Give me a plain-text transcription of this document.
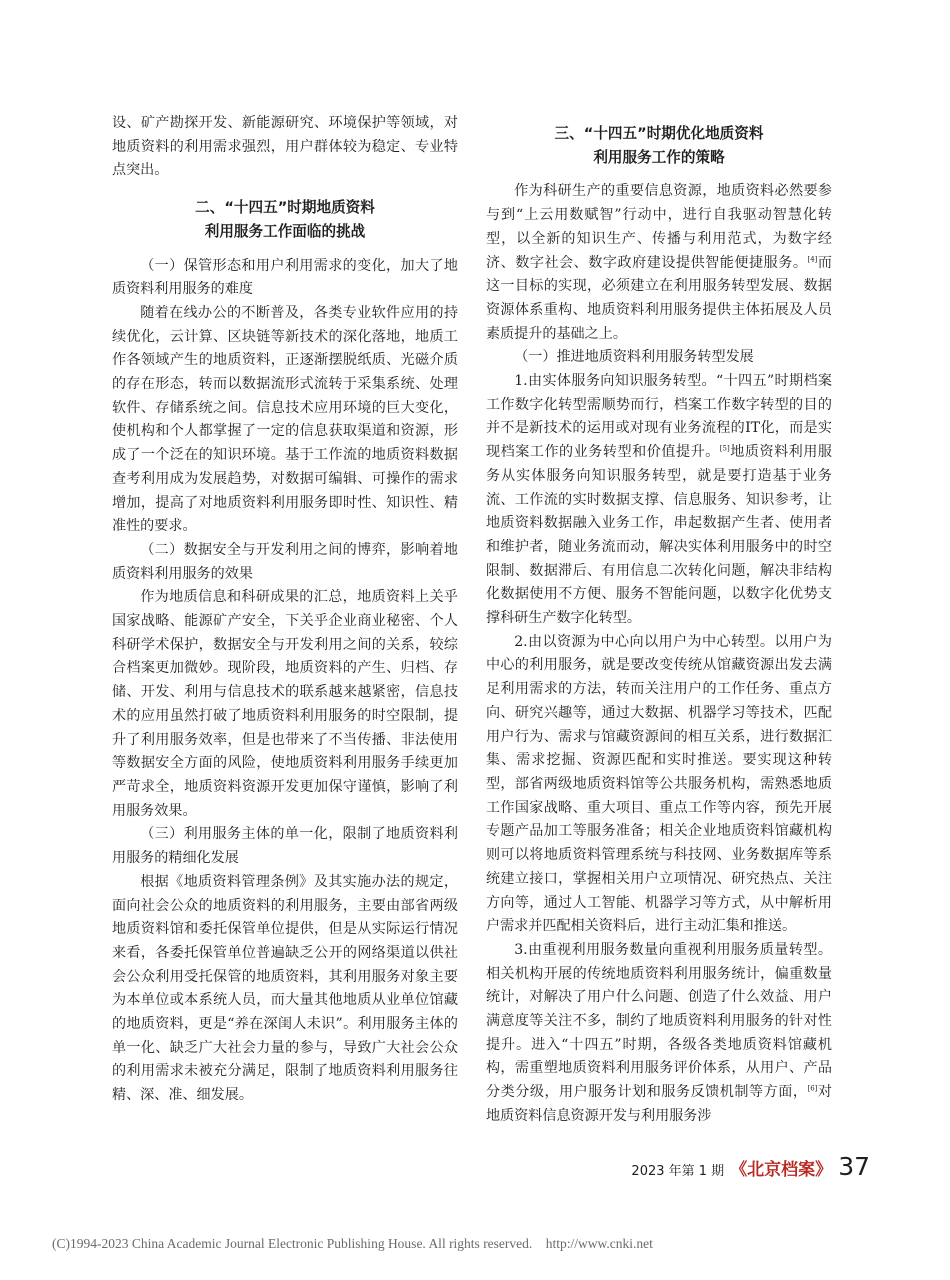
设、矿产勘探开发、新能源研究、环境保护等领域，对地质资料的利用需求强烈，用户群体较为稳定、专业特点突出。

二、“十四五”时期地质资料

利用服务工作面临的挑战

（一）保管形态和用户利用需求的变化，加大了地质资料利用服务的难度

随着在线办公的不断普及，各类专业软件应用的持续优化，云计算、区块链等新技术的深化落地，地质工作各领域产生的地质资料，正逐渐摆脱纸质、光磁介质的存在形态，转而以数据流形式流转于采集系统、处理软件、存储系统之间。信息技术应用环境的巨大变化，使机构和个人都掌握了一定的信息获取渠道和资源，形成了一个泛在的知识环境。基于工作流的地质资料数据查考利用成为发展趋势，对数据可编辑、可操作的需求增加，提高了对地质资料利用服务即时性、知识性、精准性的要求。

（二）数据安全与开发利用之间的博弈，影响着地质资料利用服务的效果

作为地质信息和科研成果的汇总，地质资料上关乎国家战略、能源矿产安全，下关乎企业商业秘密、个人科研学术保护，数据安全与开发利用之间的关系，较综合档案更加微妙。现阶段，地质资料的产生、归档、存储、开发、利用与信息技术的联系越来越紧密，信息技术的应用虽然打破了地质资料利用服务的时空限制，提升了利用服务效率，但是也带来了不当传播、非法使用等数据安全方面的风险，使地质资料利用服务手续更加严苛求全，地质资料资源开发更加保守谨慎，影响了利用服务效果。

（三）利用服务主体的单一化，限制了地质资料利用服务的精细化发展

根据《地质资料管理条例》及其实施办法的规定，面向社会公众的地质资料的利用服务，主要由部省两级地质资料馆和委托保管单位提供，但是从实际运行情况来看，各委托保管单位普遍缺乏公开的网络渠道以供社会公众利用受托保管的地质资料，其利用服务对象主要为本单位或本系统人员，而大量其他地质从业单位馆藏的地质资料，更是“养在深闺人未识”。利用服务主体的单一化、缺乏广大社会力量的参与，导致广大社会公众的利用需求未被充分满足，限制了地质资料利用服务往精、深、准、细发展。

三、“十四五”时期优化地质资料

利用服务工作的策略

作为科研生产的重要信息资源，地质资料必然要参与到“上云用数赋智”行动中，进行自我驱动智慧化转型，以全新的知识生产、传播与利用范式，为数字经济、数字社会、数字政府建设提供智能便捷服务。[4]而这一目标的实现，必须建立在利用服务转型发展、数据资源体系重构、地质资料利用服务提供主体拓展及人员素质提升的基础之上。

（一）推进地质资料利用服务转型发展

1.由实体服务向知识服务转型。“十四五”时期档案工作数字化转型需顺势而行，档案工作数字转型的目的并不是新技术的运用或对现有业务流程的IT化，而是实现档案工作的业务转型和价值提升。[5]地质资料利用服务从实体服务向知识服务转型，就是要打造基于业务流、工作流的实时数据支撑、信息服务、知识参考，让地质资料数据融入业务工作，串起数据产生者、使用者和维护者，随业务流而动，解决实体利用服务中的时空限制、数据滞后、有用信息二次转化问题，解决非结构化数据使用不方便、服务不智能问题，以数字化优势支撑科研生产数字化转型。

2.由以资源为中心向以用户为中心转型。以用户为中心的利用服务，就是要改变传统从馆藏资源出发去满足利用需求的方法，转而关注用户的工作任务、重点方向、研究兴趣等，通过大数据、机器学习等技术，匹配用户行为、需求与馆藏资源间的相互关系，进行数据汇集、需求挖掘、资源匹配和实时推送。要实现这种转型，部省两级地质资料馆等公共服务机构，需熟悉地质工作国家战略、重大项目、重点工作等内容，预先开展专题产品加工等服务准备；相关企业地质资料馆藏机构则可以将地质资料管理系统与科技网、业务数据库等系统建立接口，掌握相关用户立项情况、研究热点、关注方向等，通过人工智能、机器学习等方式，从中解析用户需求并匹配相关资料后，进行主动汇集和推送。

3.由重视利用服务数量向重视利用服务质量转型。相关机构开展的传统地质资料利用服务统计，偏重数量统计，对解决了用户什么问题、创造了什么效益、用户满意度等关注不多，制约了地质资料利用服务的针对性提升。进入“十四五”时期，各级各类地质资料馆藏机构，需重塑地质资料利用服务评价体系，从用户、产品分类分级，用户服务计划和服务反馈机制等方面，[6]对地质资料信息资源开发与利用服务涉

2023 年第 1 期 《北京档案》 37
(C)1994-2023 China Academic Journal Electronic Publishing House. All rights reserved.    http://www.cnki.net
